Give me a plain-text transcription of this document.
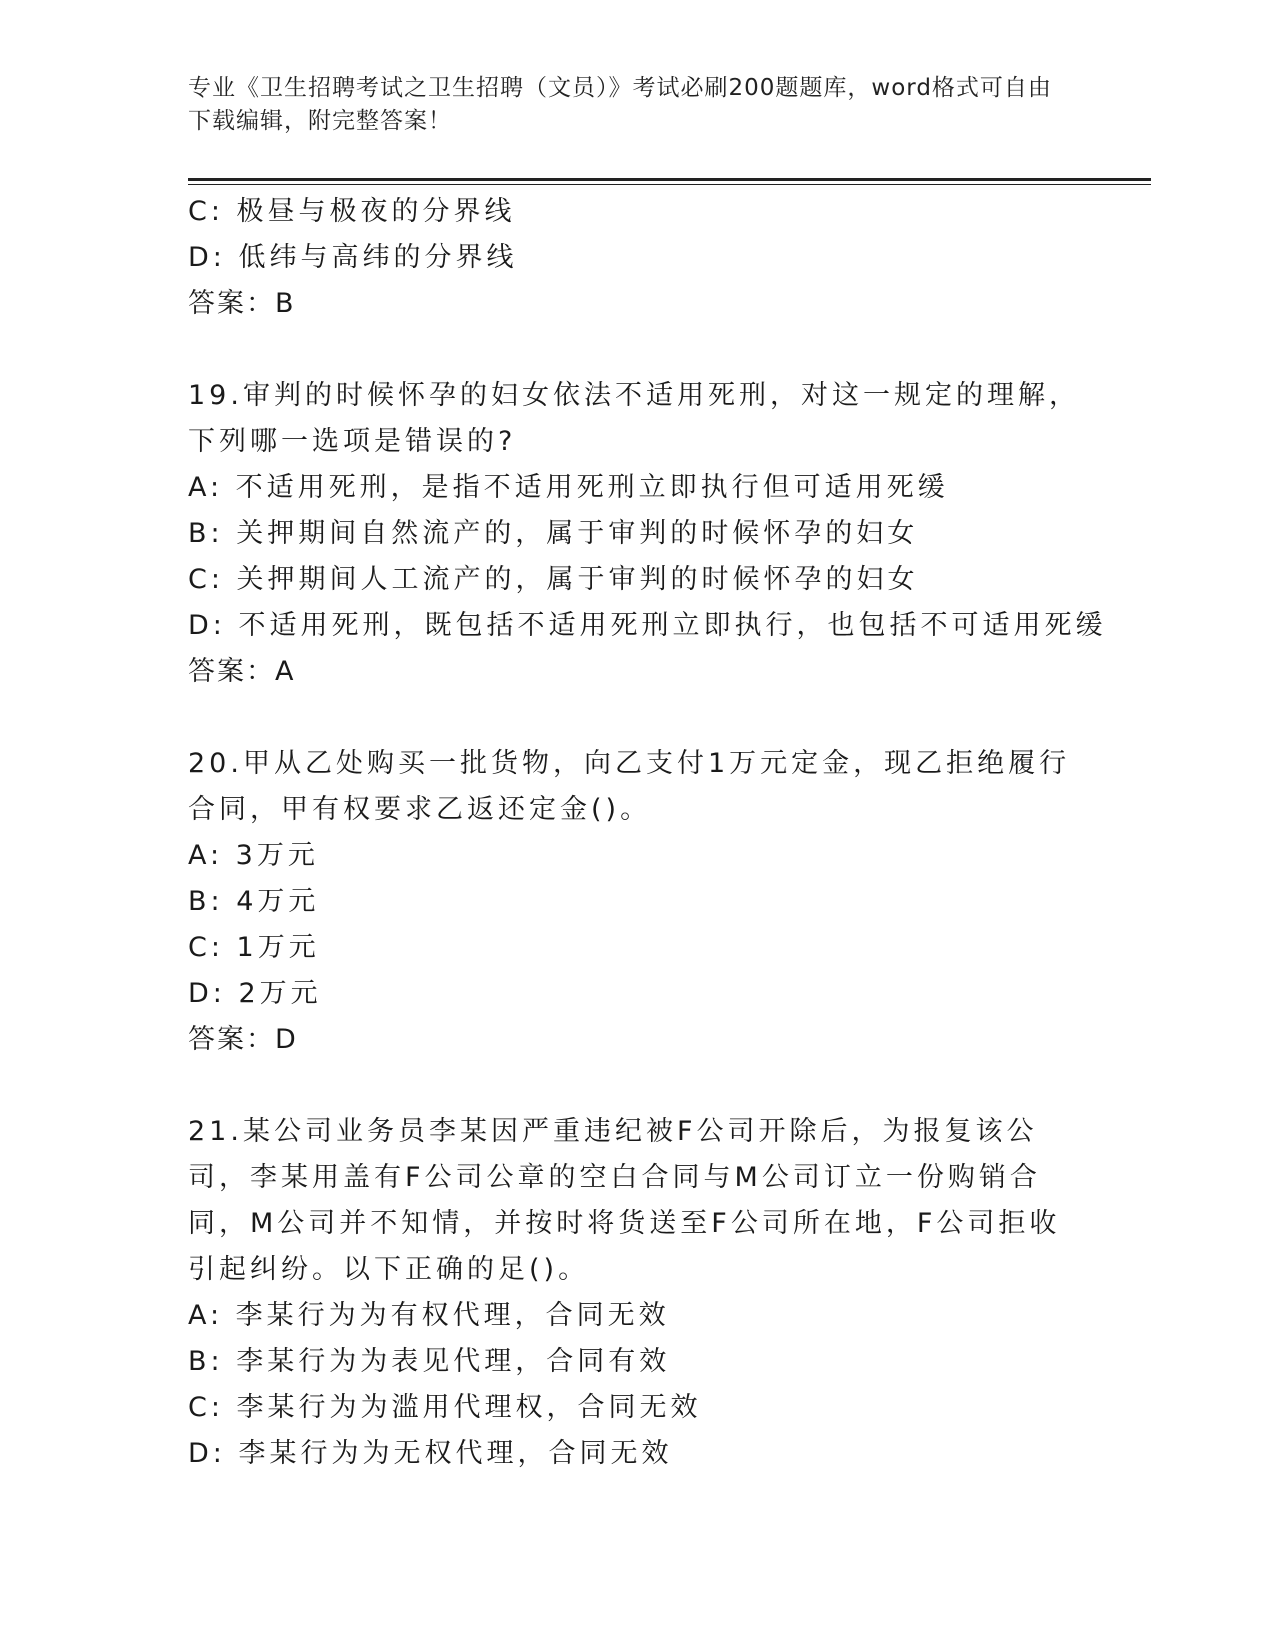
专业《卫生招聘考试之卫生招聘（文员）》考试必刷200题题库，word格式可自由下载编辑，附完整答案！
C: 极昼与极夜的分界线
D: 低纬与高纬的分界线
答案：B
19.审判的时候怀孕的妇女依法不适用死刑，对这一规定的理解，下列哪一选项是错误的?
A: 不适用死刑，是指不适用死刑立即执行但可适用死缓
B: 关押期间自然流产的，属于审判的时候怀孕的妇女
C: 关押期间人工流产的，属于审判的时候怀孕的妇女
D: 不适用死刑，既包括不适用死刑立即执行，也包括不可适用死缓
答案：A
20.甲从乙处购买一批货物，向乙支付1万元定金，现乙拒绝履行合同，甲有权要求乙返还定金()。
A: 3万元
B: 4万元
C: 1万元
D: 2万元
答案：D
21.某公司业务员李某因严重违纪被F公司开除后，为报复该公司，李某用盖有F公司公章的空白合同与M公司订立一份购销合同，M公司并不知情，并按时将货送至F公司所在地，F公司拒收引起纠纷。以下正确的足()。
A: 李某行为为有权代理，合同无效
B: 李某行为为表见代理，合同有效
C: 李某行为为滥用代理权，合同无效
D: 李某行为为无权代理，合同无效
